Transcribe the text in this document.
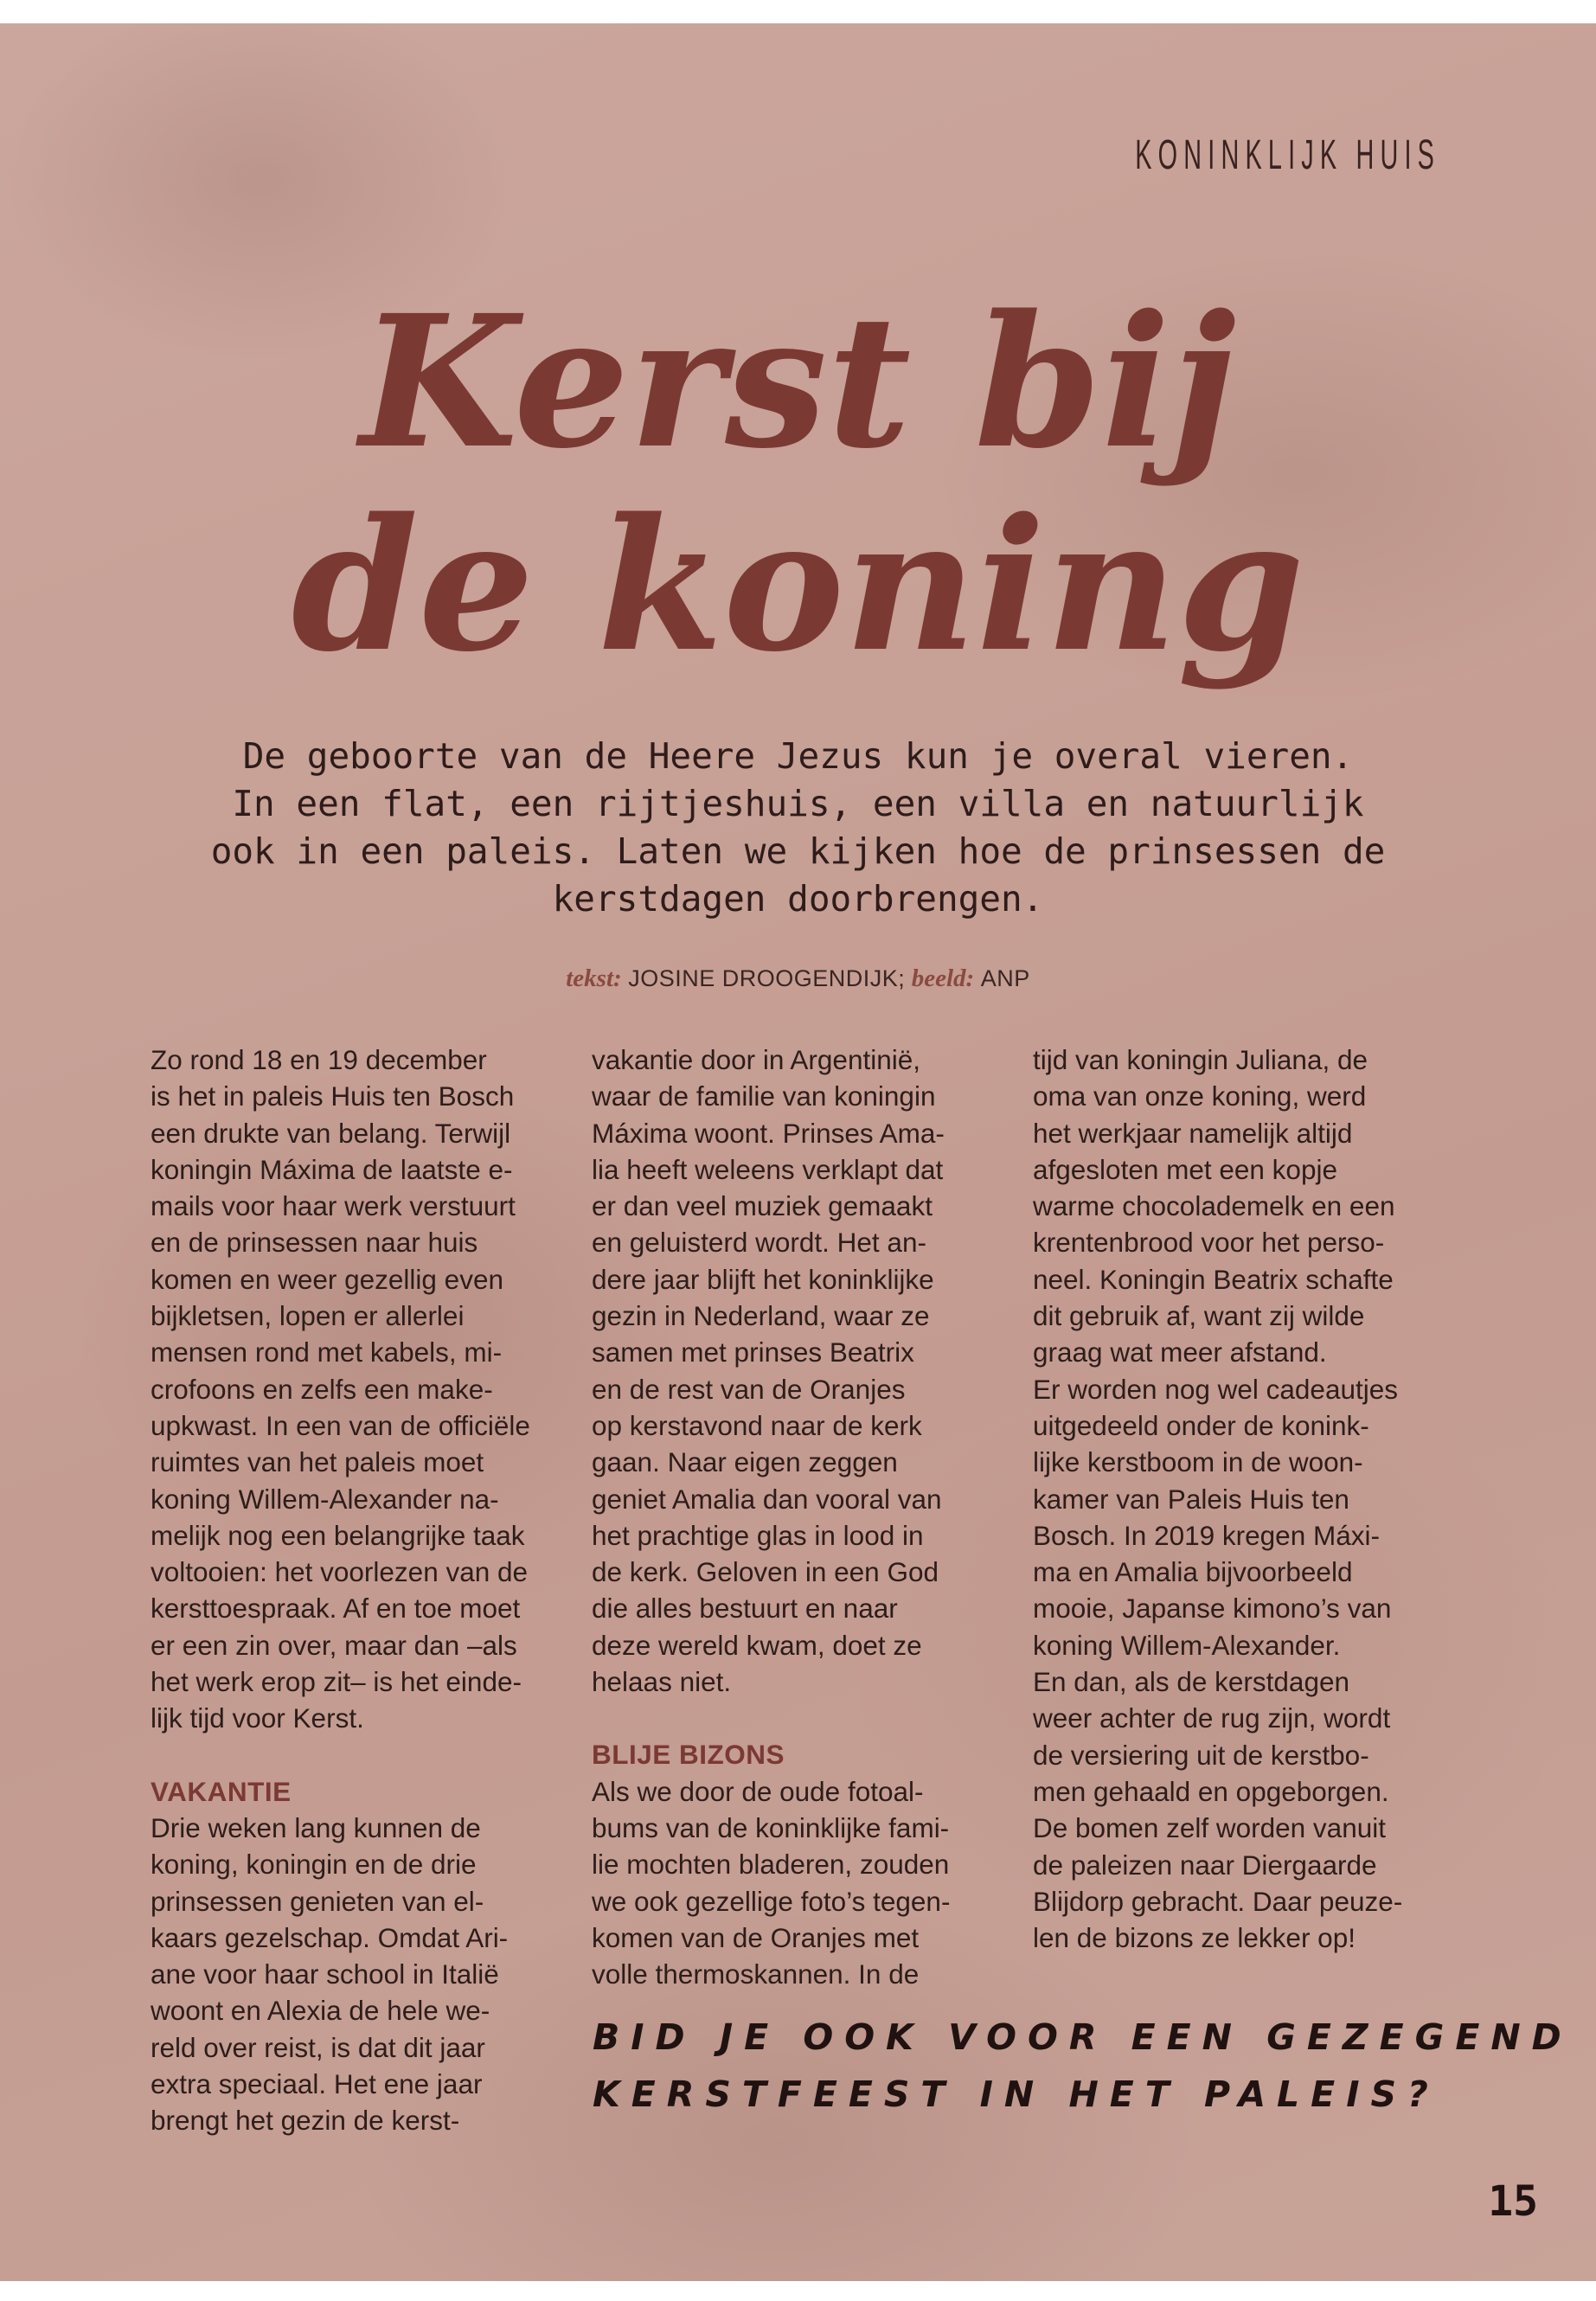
KONINKLIJK HUIS
Kerst bij
de koning

De geboorte van de Heere Jezus kun je overal vieren.
In een flat, een rijtjeshuis, een villa en natuurlijk
ook in een paleis. Laten we kijken hoe de prinsessen de
kerstdagen doorbrengen.

tekst: JOSINE DROOGENDIJK; beeld: ANP

Zo rond 18 en 19 december
is het in paleis Huis ten Bosch
een drukte van belang. Terwijl
koningin Máxima de laatste e-
mails voor haar werk verstuurt
en de prinsessen naar huis
komen en weer gezellig even
bijkletsen, lopen er allerlei
mensen rond met kabels, mi-
crofoons en zelfs een make-
upkwast. In een van de officiële
ruimtes van het paleis moet
koning Willem-Alexander na-
melijk nog een belangrijke taak
voltooien: het voorlezen van de
kersttoespraak. Af en toe moet
er een zin over, maar dan –als
het werk erop zit– is het einde-
lijk tijd voor Kerst.

VAKANTIE

Drie weken lang kunnen de
koning, koningin en de drie
prinsessen genieten van el-
kaars gezelschap. Omdat Ari-
ane voor haar school in Italië
woont en Alexia de hele we-
reld over reist, is dat dit jaar
extra speciaal. Het ene jaar
brengt het gezin de kerst-

vakantie door in Argentinië,
waar de familie van koningin
Máxima woont. Prinses Ama-
lia heeft weleens verklapt dat
er dan veel muziek gemaakt
en geluisterd wordt. Het an-
dere jaar blijft het koninklijke
gezin in Nederland, waar ze
samen met prinses Beatrix
en de rest van de Oranjes
op kerstavond naar de kerk
gaan. Naar eigen zeggen
geniet Amalia dan vooral van
het prachtige glas in lood in
de kerk. Geloven in een God
die alles bestuurt en naar
deze wereld kwam, doet ze
helaas niet.

BLIJE BIZONS

Als we door de oude fotoal-
bums van de koninklijke fami-
lie mochten bladeren, zouden
we ook gezellige foto’s tegen-
komen van de Oranjes met
volle thermoskannen. In de

tijd van koningin Juliana, de
oma van onze koning, werd
het werkjaar namelijk altijd
afgesloten met een kopje
warme chocolademelk en een
krentenbrood voor het perso-
neel. Koningin Beatrix schafte
dit gebruik af, want zij wilde
graag wat meer afstand.
Er worden nog wel cadeautjes
uitgedeeld onder de konink-
lijke kerstboom in de woon-
kamer van Paleis Huis ten
Bosch. In 2019 kregen Máxi-
ma en Amalia bijvoorbeeld
mooie, Japanse kimono’s van
koning Willem-Alexander.
En dan, als de kerstdagen
weer achter de rug zijn, wordt
de versiering uit de kerstbo-
men gehaald en opgeborgen.
De bomen zelf worden vanuit
de paleizen naar Diergaarde
Blijdorp gebracht. Daar peuze-
len de bizons ze lekker op!

BID JE OOK VOOR EEN GEZEGEND
KERSTFEEST IN HET PALEIS?
15
